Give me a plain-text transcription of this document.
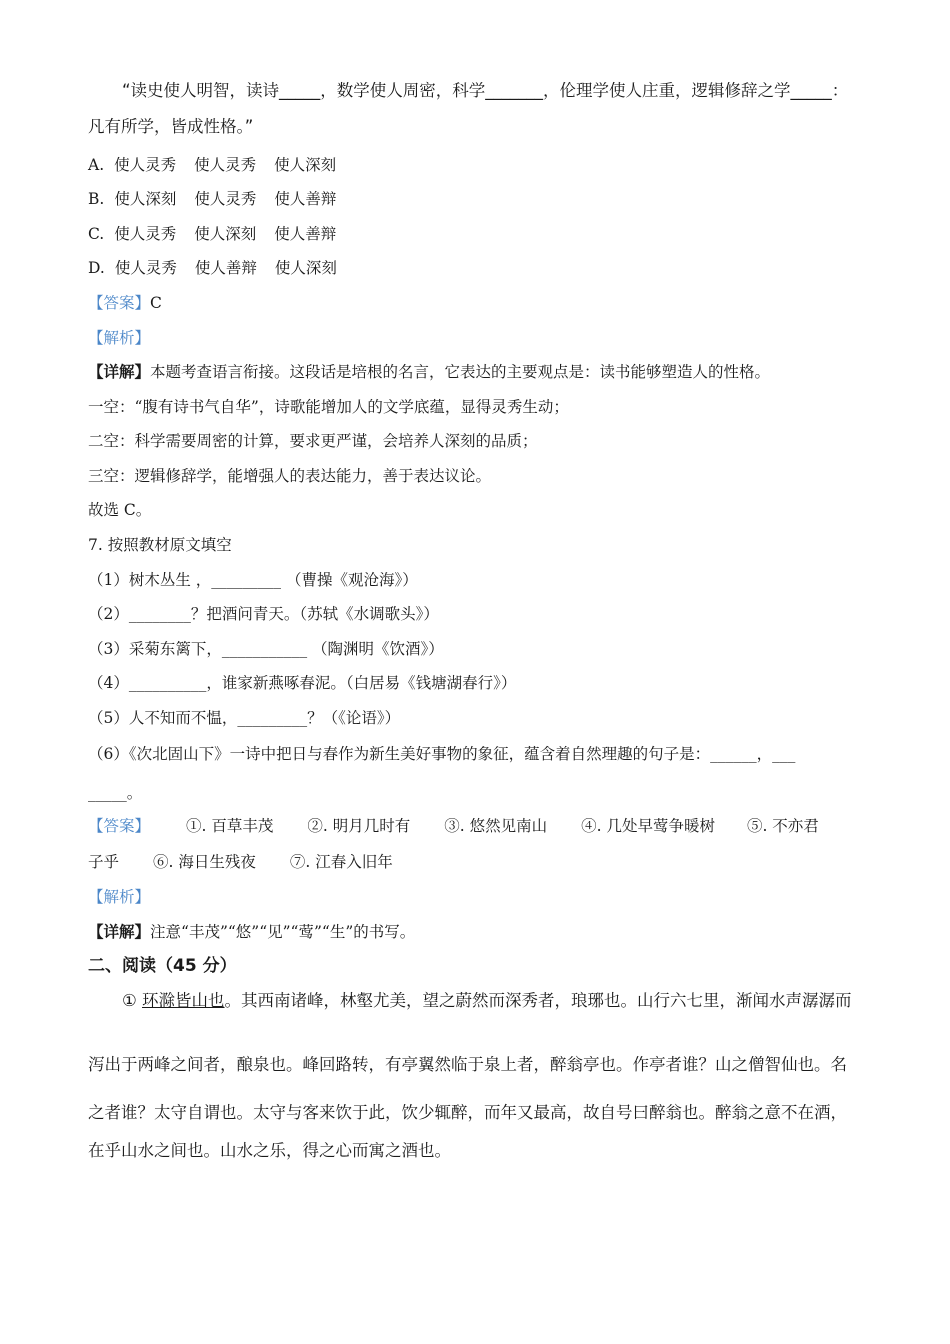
“读史使人明智，读诗_____，数学使人周密，科学_______，伦理学使人庄重，逻辑修辞之学_____：
凡有所学，皆成性格。”
A. 使人灵秀 使人灵秀 使人深刻
B. 使人深刻 使人灵秀 使人善辩
C. 使人灵秀 使人深刻 使人善辩
D. 使人灵秀 使人善辩 使人深刻
【答案】C
【解析】
【详解】本题考查语言衔接。这段话是培根的名言，它表达的主要观点是：读书能够塑造人的性格。
一空：“腹有诗书气自华”，诗歌能增加人的文学底蕴，显得灵秀生动；
二空：科学需要周密的计算，要求更严谨，会培养人深刻的品质；
三空：逻辑修辞学，能增强人的表达能力，善于表达议论。
故选 C。
7. 按照教材原文填空
（1）树木丛生 ，_________ （曹操《观沧海》）
（2）________？把酒问青天。（苏轼《水调歌头》）
（3）采菊东篱下，___________ （陶渊明《饮酒》）
（4）__________，谁家新燕啄春泥。（白居易《钱塘湖春行》）
（5）人不知而不愠，_________？（《论语》）
（6）《次北固山下》一诗中把日与春作为新生美好事物的象征，蕴含着自然理趣的句子是：______，___
_____。
【答案】 ①. 百草丰茂 ②. 明月几时有 ③. 悠然见南山 ④. 几处早莺争暖树 ⑤. 不亦君
子乎 ⑥. 海日生残夜 ⑦. 江春入旧年
【解析】
【详解】注意“丰茂”“悠”“见”“莺”“生”的书写。
二、阅读（45 分）
① 环滁皆山也。其西南诸峰，林壑尤美，望之蔚然而深秀者，琅琊也。山行六七里，渐闻水声潺潺而
泻出于两峰之间者，酿泉也。峰回路转，有亭翼然临于泉上者，醉翁亭也。作亭者谁？山之僧智仙也。名
之者谁？太守自谓也。太守与客来饮于此，饮少辄醉，而年又最高，故自号曰醉翁也。醉翁之意不在酒，
在乎山水之间也。山水之乐，得之心而寓之酒也。
